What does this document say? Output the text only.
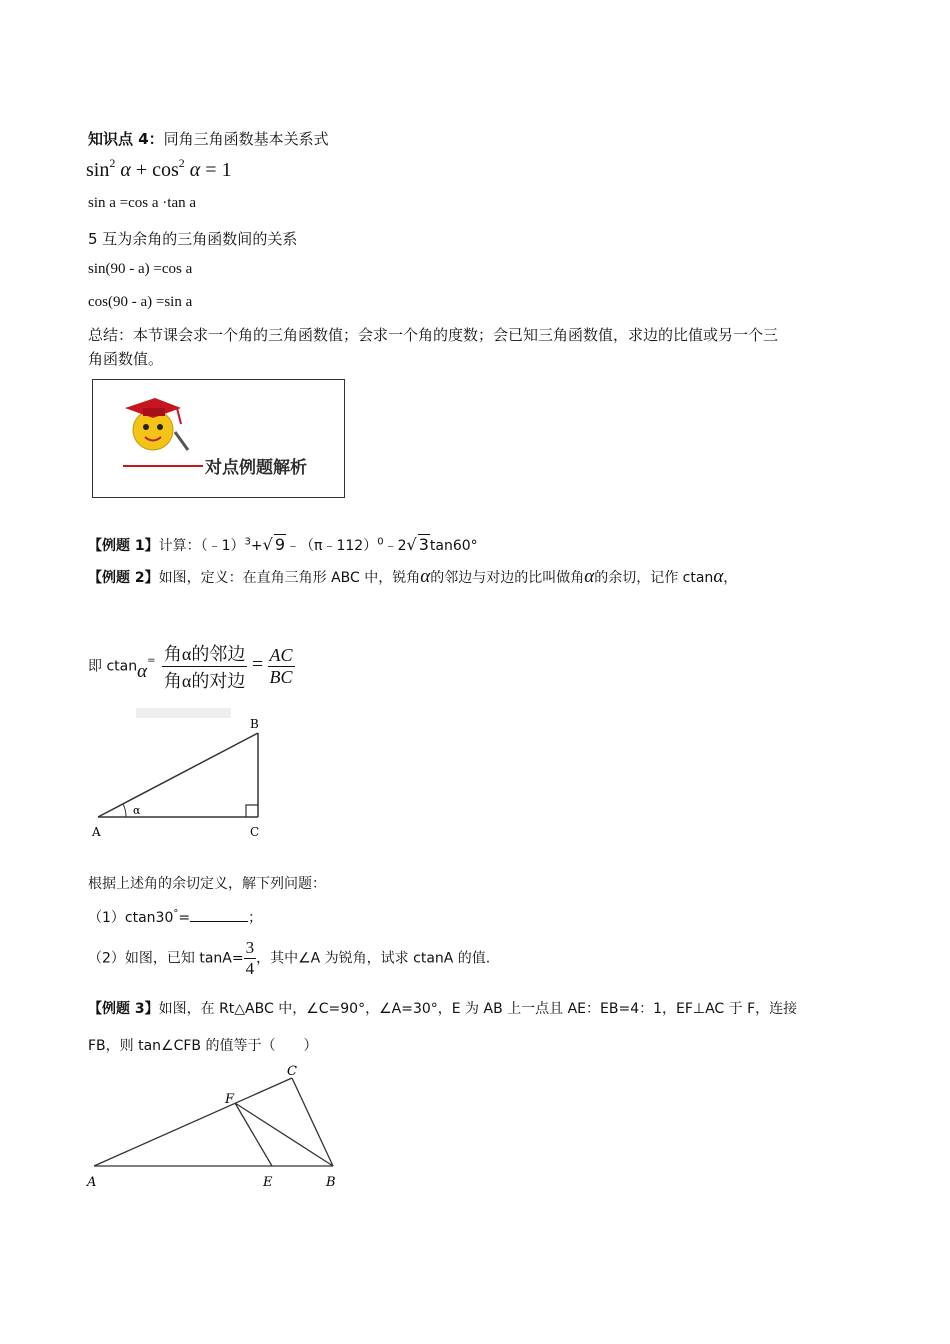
知识点 4：同角三角函数基本关系式
$\sin^2 \alpha + \cos^2 \alpha = 1$
sin a =cos a ·tan a
5 互为余角的三角函数间的关系
sin(90 - a) =cos a
cos(90 - a) =sin a
总结：本节课会求一个角的三角函数值；会求一个角的度数；会已知三角函数值，求边的比值或另一个三
角函数值。
对点例题解析
【例题 1】计算：（﹣1）$^3$+√ 9﹣（π﹣112）$^0$﹣2√ 3tan60°
【例题 2】如图，定义：在直角三角形 ABC 中，锐角α的邻边与对边的比叫做角α的余切，记作 ctanα，
即 $ctan\alpha^= \frac{\text{角α的邻边}}{\text{角α的对边}} = \frac{AC}{BC}$
α
A
B
C
根据上述角的余切定义，解下列问题：
（1）ctan30°=	；
（2）如图，已知 $\tan A= \frac{3}{4}$ ，其中∠A 为锐角，试求 ctanA 的值.
【例题 3】如图，在 Rt△ABC 中，∠C=90°，∠A=30°，E 为 AB 上一点且 AE：EB=4：1，EF⊥AC 于 F，连接
FB，则 tan∠CFB 的值等于（　　）
A	B
C
E
F
